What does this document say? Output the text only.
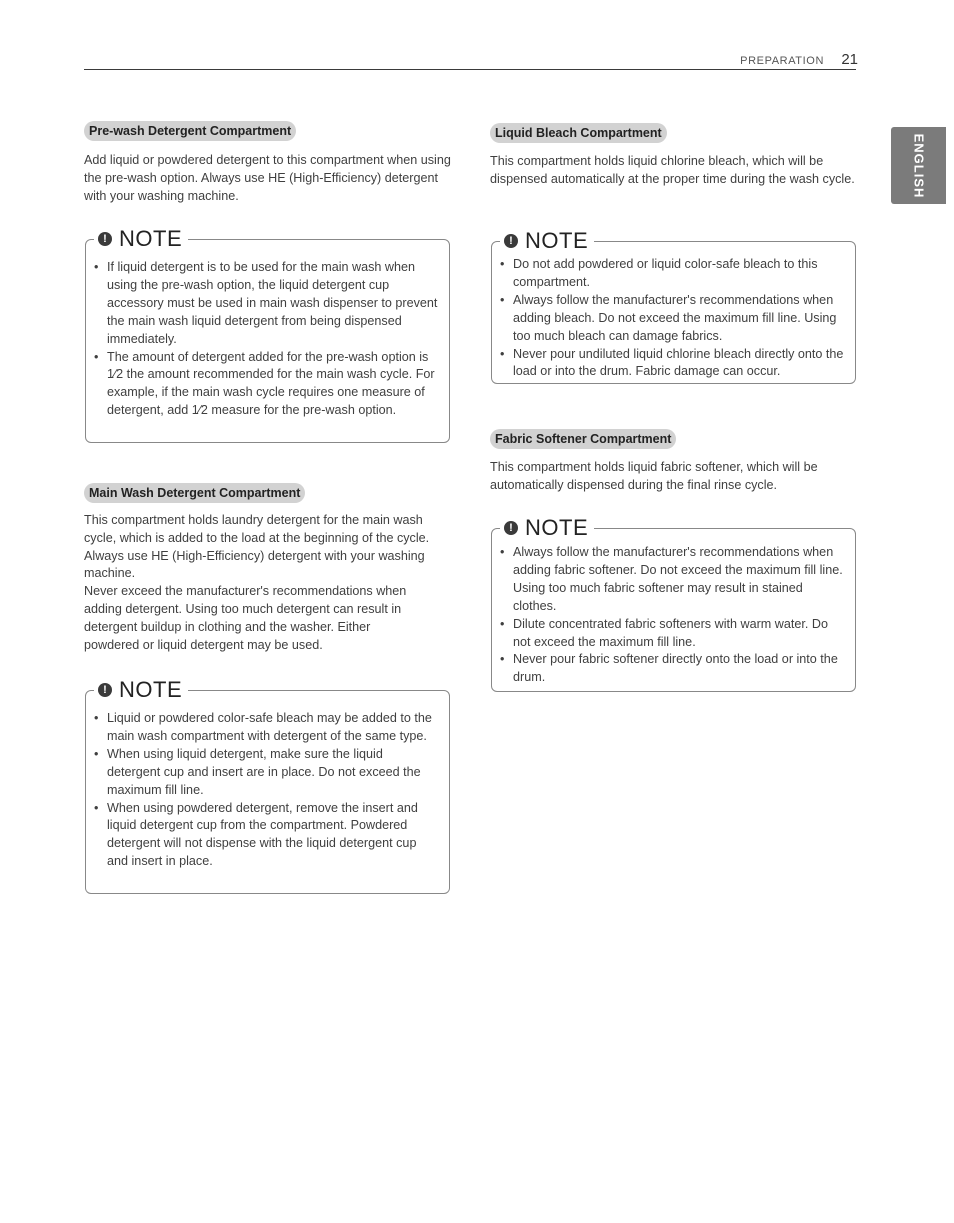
PREPARATION 21
ENGLISH
Pre-wash Detergent Compartment

Add liquid or powdered detergent to this compartment when using the pre-wash option. Always use HE (High-Efficiency) detergent with your washing machine.

! NOTE
• If liquid detergent is to be used for the main wash when using the pre-wash option, the liquid detergent cup accessory must be used in main wash dispenser to prevent the main wash liquid detergent from being dispensed immediately.
• The amount of detergent added for the pre-wash option is 1⁄2 the amount recommended for the main wash cycle. For example, if the main wash cycle requires one measure of detergent, add 1⁄2 measure for the pre-wash option.
Main Wash Detergent Compartment

This compartment holds laundry detergent for the main wash cycle, which is added to the load at the beginning of the cycle. Always use HE (High-Efficiency) detergent with your washing machine.

Never exceed the manufacturer's recommendations when adding detergent. Using too much detergent can result in detergent buildup in clothing and the washer. Either powdered or liquid detergent may be used.

! NOTE
• Liquid or powdered color-safe bleach may be added to the main wash compartment with detergent of the same type.
• When using liquid detergent, make sure the liquid detergent cup and insert are in place. Do not exceed the maximum fill line.
• When using powdered detergent, remove the insert and liquid detergent cup from the compartment. Powdered detergent will not dispense with the liquid detergent cup and insert in place.
Liquid Bleach Compartment

This compartment holds liquid chlorine bleach, which will be dispensed automatically at the proper time during the wash cycle.

! NOTE
• Do not add powdered or liquid color-safe bleach to this compartment.
• Always follow the manufacturer's recommendations when adding bleach. Do not exceed the maximum fill line. Using too much bleach can damage fabrics.
• Never pour undiluted liquid chlorine bleach directly onto the load or into the drum. Fabric damage can occur.
Fabric Softener Compartment

This compartment holds liquid fabric softener, which will be automatically dispensed during the final rinse cycle.

! NOTE
• Always follow the manufacturer's recommendations when adding fabric softener. Do not exceed the maximum fill line. Using too much fabric softener may result in stained clothes.
• Dilute concentrated fabric softeners with warm water. Do not exceed the maximum fill line.
• Never pour fabric softener directly onto the load or into the drum.
